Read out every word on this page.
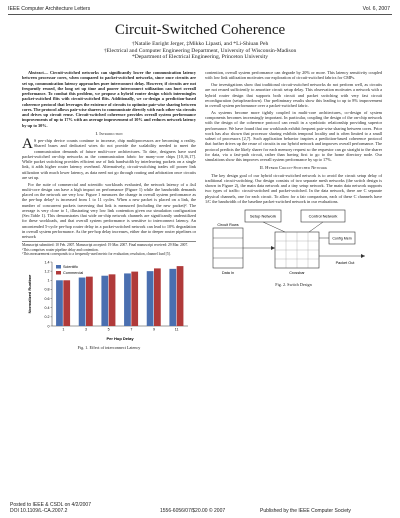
IEEE Computer Architecture Letters	Vol. 6, 2007
Circuit-Switched Coherence
†Natalie Enright Jerger, ‡Mikko Lipasti, and *Li-Shiuan Peh
†Electrical and Computer Engineering Department, University of Wisconsin-Madison
*Department of Electrical Engineering, Princeton University
Abstract— Circuit-switched networks can significantly lower the communication latency between processor cores, when compared to packet-switched networks, since once circuits are set up, communication latency approaches pure interconnect delay. However, if circuits are not frequently reused, the long set up time and poorer interconnect utilization can hurt overall performance. To combat this problem, we propose a hybrid router design which intermingles packet-switched flits with circuit-switched flits. Additionally, we co-design a prediction-based coherence protocol that leverages the existence of circuits to optimize pair-wise sharing between cores. The protocol allows pair-wise sharers to communicate directly with each other via circuits and drives up circuit reuse. Circuit-switched coherence provides overall system performance improvements of up to 17% with an average improvement of 10% and reduces network latency by up to 30%.
I. Introduction

A S per-chip device counts continue to increase, chip multiprocessors are becoming a reality. Shared buses and dedicated wires do not provide the scalability needed to meet the communication demands of future multi-core architectures. To date, designers have used packet-switched on-chip networks as the communication fabric for many-core chips [10,16,17]. While packet switching provides efficient use of link bandwidth by interleaving packets on a single link, it adds higher router latency overhead. Alternatively, circuit-switching trades off poorer link utilization with much lower latency, as data need not go through routing and arbitration once circuits are set up.

For the suite of commercial and scientific workloads evaluated, the network latency of a 4x4 multi-core design can have a high impact on performance (Figure 1) while the bandwidth demands placed on the network are very low. Figure 1 measures the change in overall system performance as the per-hop delay¹ is increased from 1 to 11 cycles. When a new packet is placed on a link, the number of concurrent packets traversing that link is measured (including the new packet)². The average is very close to 1, illustrating very low link contention given our simulation configuration (Sec.Table 1). This demonstrates that wide on-chip network channels are significantly underutilized for these workloads, and that overall system performance is sensitive to interconnect latency. An uncontended 5-cycle per-hop router delay in a packet-switched network can lead to 10% degradation in overall system performance. As the per-hop delay increases, either due to deeper router pipelines or network

Manuscript submitted: 10 Feb. 2007. Manuscript accepted: 19 Mar. 2007. Final manuscript received: 29 Mar. 2007.
¹This comprises router pipeline delay and contention.
²This measurement corresponds to a frequently-used metric for evaluation; resolution, channel load [5].
0
0.2
0.4
0.6
0.8
1
1.2
1.4
1	3	5	7	9	11
Per Hop Delay
Normalized Runtime
Scientific
Commercial
Fig. 1. Effect of interconnect Latency

contention, overall system performance can degrade by 20% or more. This latency sensitivity coupled with low link utilization motivates our exploration of circuit-switched fabrics for CMPs.

Our investigations show that traditional circuit-switched networks do not perform well, as circuits are not reused sufficiently to amortize circuit setup delay. This observation motivates a network with a hybrid router design that supports both circuit and packet switching with very fast circuit reconfiguration (setup/teardown). Our preliminary results show this leading to up to 8% improvement in overall system performance over a packet-switched fabric.

As systems become more tightly coupled in multi-core architectures, co-design of system components becomes increasingly important. In particular, coupling the design of the on-chip network with the design of the coherence protocol can result in a symbiotic relationship providing superior performance. We have found that our workloads exhibit frequent pair-wise sharing between cores. Prior work has also shown that processor sharing exhibits temporal locality and is often limited to a small subset of processors [2,7]. Such application behavior inspires a prediction-based coherence protocol that further drives up the reuse of circuits in our hybrid network and improves overall performance. The protocol predicts the likely sharer for each memory request so the requestor can go straight to the sharer for data, via a fast-path circuit, rather than having first to go to the home directory node. Our simulations show this improves overall system performance by up to 17%.

II. Hybrid Circuit-Switched Network

The key design goal of our hybrid circuit-switched network is to avoid the circuit setup delay of traditional circuit-switching. Our design consists of two separate mesh networks (the switch design is shown in Figure 2), the main data network and a tiny setup network. The main data network supports two types of traffic: circuit-switched and packet-switched. In the data network, there are C separate physical channels, one for each circuit. To allow for a fair comparison, each of these C channels have 1/C the bandwidth of the baseline packet-switched network in our evaluations.

Setup Network	Control Network
Circuit Rows
Data In	Crossbar
Config Mem
Packet Out
Fig. 2. Switch Design
Posted to IEEE & CSDL on 4/2/2007
DOI 10.1109/L-CA.2007.2	1556-6056/07/$20.00 © 2007	Published by the IEEE Computer Society
